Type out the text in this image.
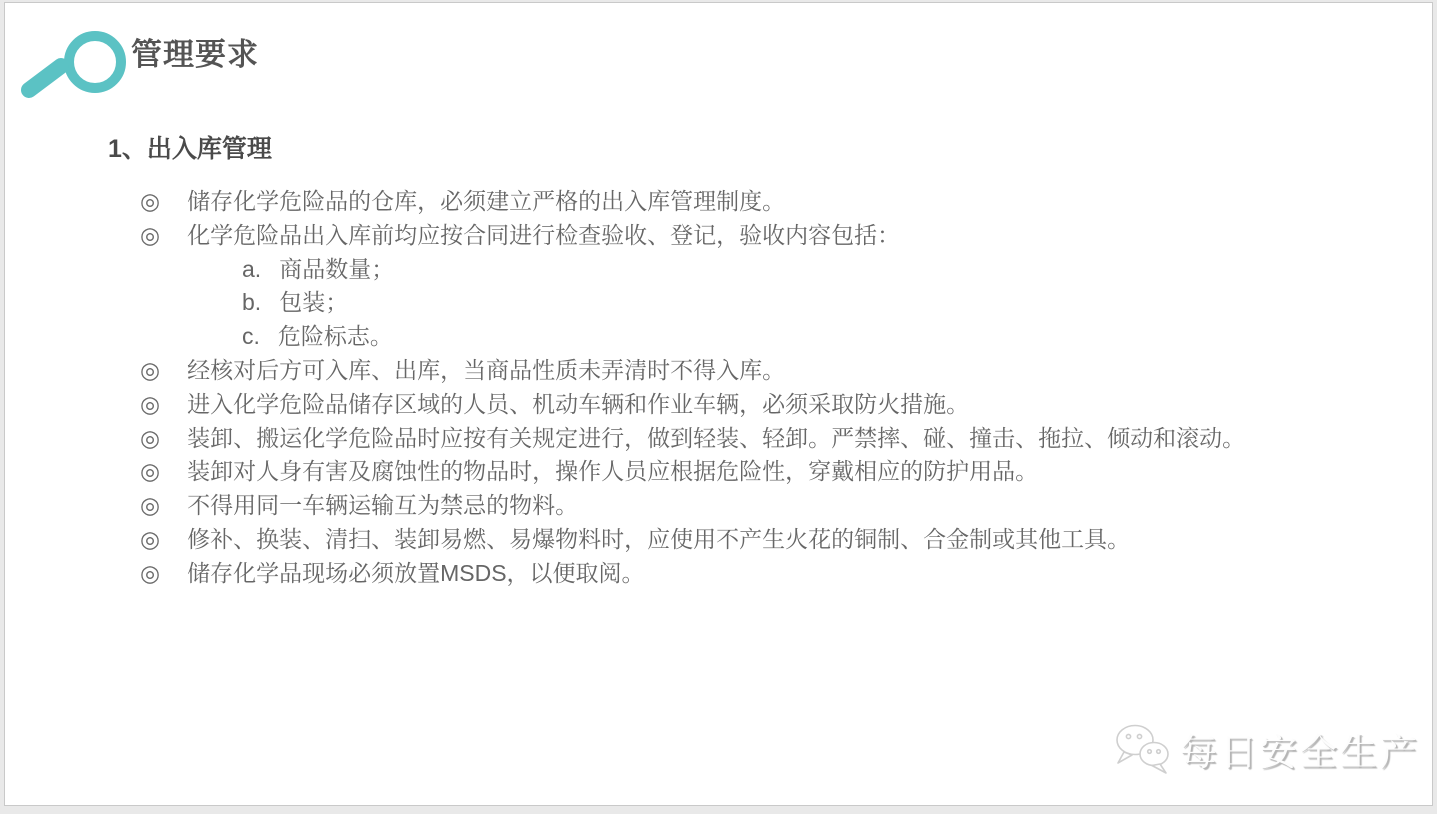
管理要求
1、出入库管理

◎ 储存化学危险品的仓库，必须建立严格的出入库管理制度。

◎ 化学危险品出入库前均应按合同进行检查验收、登记，验收内容包括：

a. 商品数量；

b. 包装；

c. 危险标志。

◎ 经核对后方可入库、出库，当商品性质未弄清时不得入库。

◎ 进入化学危险品储存区域的人员、机动车辆和作业车辆，必须采取防火措施。

◎ 装卸、搬运化学危险品时应按有关规定进行，做到轻装、轻卸。严禁摔、碰、撞击、拖拉、倾动和滚动。

◎ 装卸对人身有害及腐蚀性的物品时，操作人员应根据危险性，穿戴相应的防护用品。

◎ 不得用同一车辆运输互为禁忌的物料。

◎ 修补、换装、清扫、装卸易燃、易爆物料时，应使用不产生火花的铜制、合金制或其他工具。

◎ 储存化学品现场必须放置MSDS，以便取阅。

每日安全生产
